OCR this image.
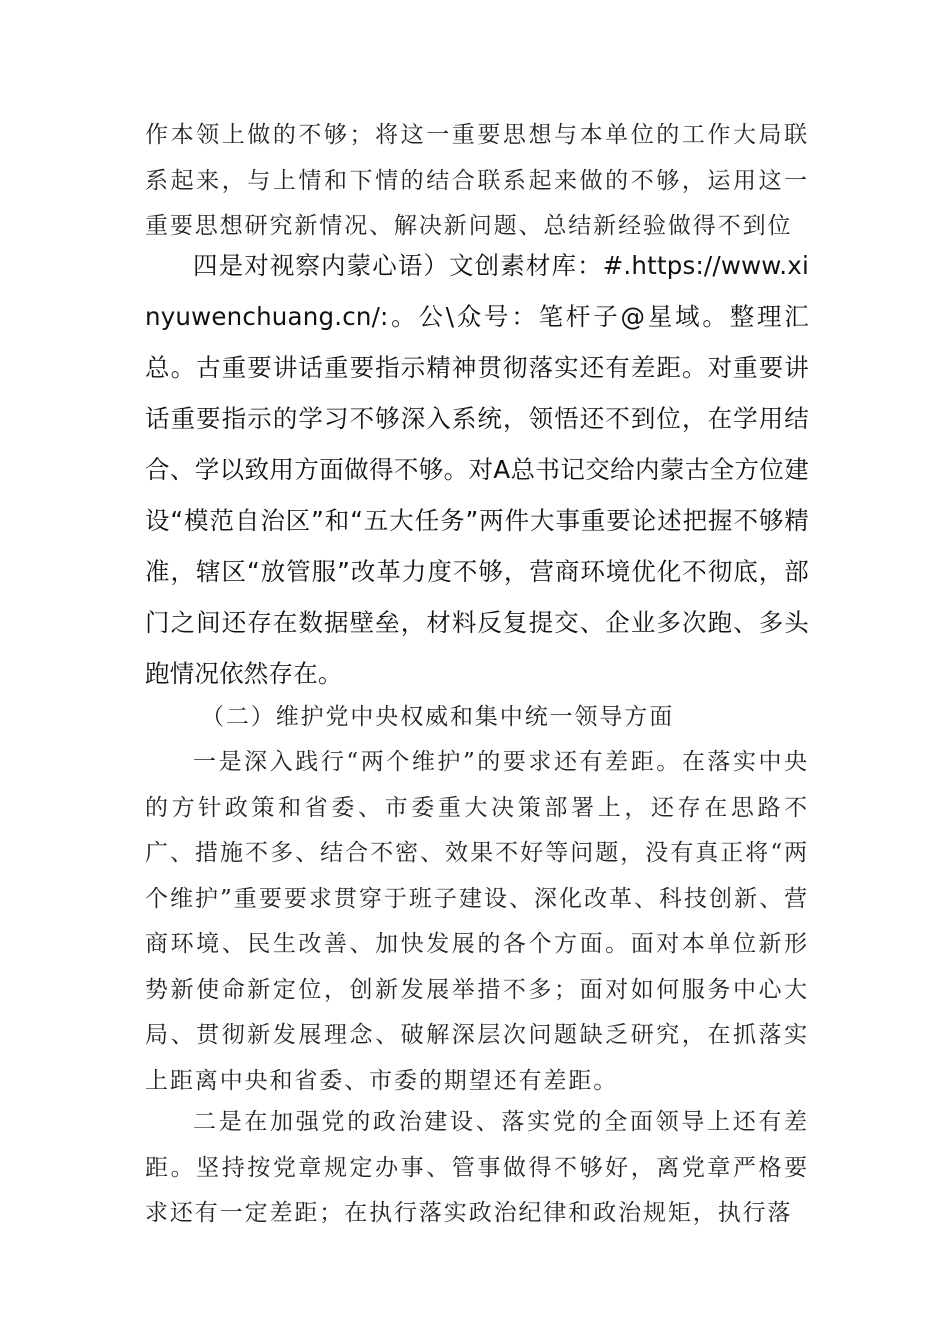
作本领上做的不够；将这一重要思想与本单位的工作大局联系起来，与上情和下情的结合联系起来做的不够，运用这一重要思想研究新情况、解决新问题、总结新经验做得不到位

四是对视察内蒙心语）文创素材库：#.https://www.xinyuwenchuang.cn/:。公\众号：笔杆子@星域。整理汇总。古重要讲话重要指示精神贯彻落实还有差距。对重要讲话重要指示的学习不够深入系统，领悟还不到位，在学用结合、学以致用方面做得不够。对A总书记交给内蒙古全方位建设“模范自治区”和“五大任务”两件大事重要论述把握不够精准，辖区“放管服”改革力度不够，营商环境优化不彻底，部门之间还存在数据壁垒，材料反复提交、企业多次跑、多头跑情况依然存在。

（二）维护党中央权威和集中统一领导方面

一是深入践行“两个维护”的要求还有差距。在落实中央的方针政策和省委、市委重大决策部署上，还存在思路不广、措施不多、结合不密、效果不好等问题，没有真正将“两个维护”重要要求贯穿于班子建设、深化改革、科技创新、营商环境、民生改善、加快发展的各个方面。面对本单位新形势新使命新定位，创新发展举措不多；面对如何服务中心大局、贯彻新发展理念、破解深层次问题缺乏研究，在抓落实上距离中央和省委、市委的期望还有差距。

二是在加强党的政治建设、落实党的全面领导上还有差距。坚持按党章规定办事、管事做得不够好，离党章严格要求还有一定差距；在执行落实政治纪律和政治规矩，执行落
